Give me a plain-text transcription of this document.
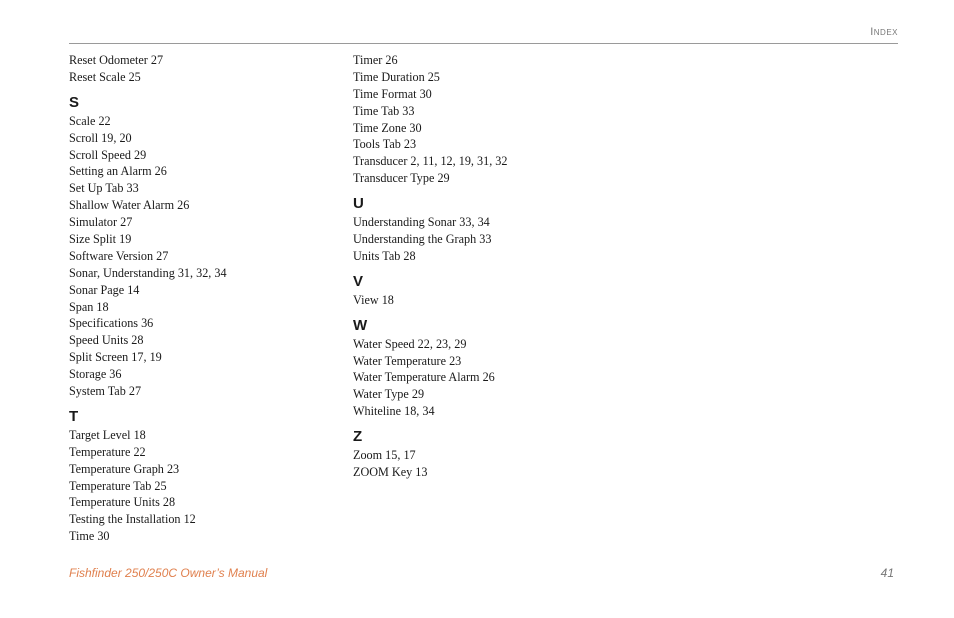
Index
Reset Odometer 27
Reset Scale 25
S
Scale 22
Scroll 19, 20
Scroll Speed 29
Setting an Alarm 26
Set Up Tab 33
Shallow Water Alarm 26
Simulator 27
Size Split 19
Software Version 27
Sonar, Understanding 31, 32, 34
Sonar Page 14
Span 18
Specifications 36
Speed Units 28
Split Screen 17, 19
Storage 36
System Tab 27
T
Target Level 18
Temperature 22
Temperature Graph 23
Temperature Tab 25
Temperature Units 28
Testing the Installation 12
Time 30
Timer 26
Time Duration 25
Time Format 30
Time Tab 33
Time Zone 30
Tools Tab 23
Transducer 2, 11, 12, 19, 31, 32
Transducer Type 29
U
Understanding Sonar 33, 34
Understanding the Graph 33
Units Tab 28
V
View 18
W
Water Speed 22, 23, 29
Water Temperature 23
Water Temperature Alarm 26
Water Type 29
Whiteline 18, 34
Z
Zoom 15, 17
ZOOM Key 13
Fishfinder 250/250C Owner’s Manual	41
